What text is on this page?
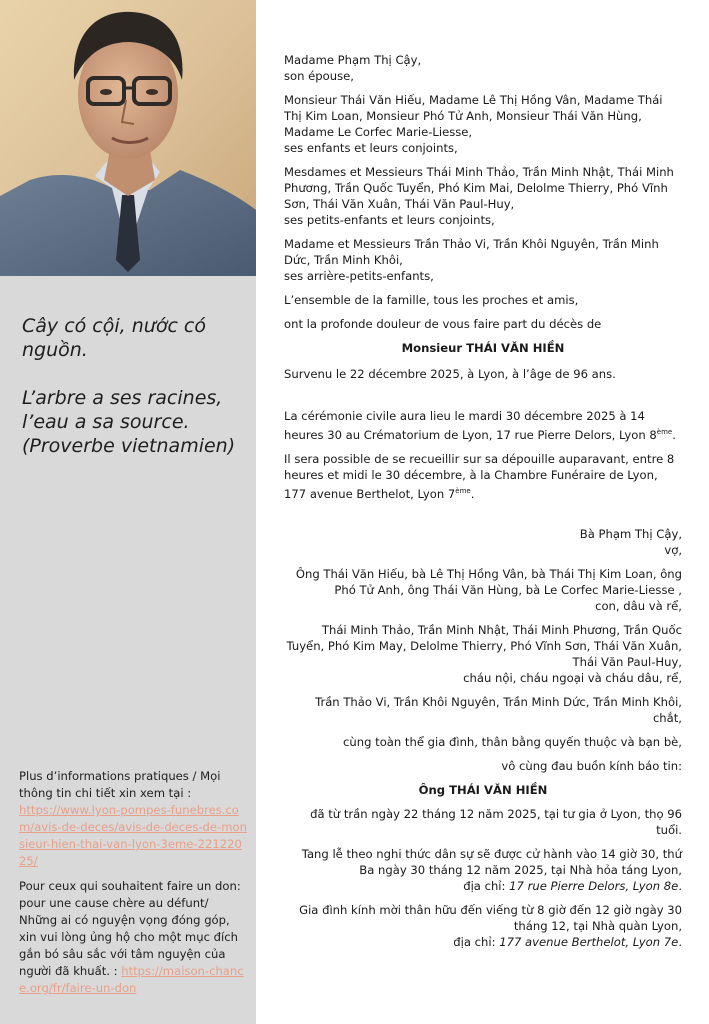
Cây có cội, nước có nguồn.

L’arbre a ses racines, l’eau a sa source.

(Proverbe vietnamien)

Plus d’informations pratiques / Mọi thông tin chi tiết xin xem tại :
https://www.lyon-pompes-funebres.com/avis-de-deces/avis-de-deces-de-monsieur-hien-thai-van-lyon-3eme-22122025/

Pour ceux qui souhaitent faire un don: pour une cause chère au défunt/ Những ai có nguyện vọng đóng góp, xin vui lòng ủng hộ cho một mục đích gắn bó sâu sắc với tâm nguyện của người đã khuất. : https://maison-chance.org/fr/faire-un-don

Madame Phạm Thị Cậy,
son épouse,

Monsieur Thái Văn Hiếu, Madame Lê Thị Hồng Vân, Madame Thái Thị Kim Loan, Monsieur Phó Tử Anh, Monsieur Thái Văn Hùng, Madame Le Corfec Marie-Liesse,
ses enfants et leurs conjoints,

Mesdames et Messieurs Thái Minh Thảo, Trần Minh Nhật, Thái Minh Phương, Trần Quốc Tuyển, Phó Kim Mai, Delolme Thierry, Phó Vĩnh Sơn, Thái Văn Xuân, Thái Văn Paul-Huy,
ses petits-enfants et leurs conjoints,

Madame et Messieurs Trần Thảo Vi, Trần Khôi Nguyên, Trần Minh Dức, Trần Minh Khôi,
ses arrière-petits-enfants,

L’ensemble de la famille, tous les proches et amis,

ont la profonde douleur de vous faire part du décès de

Monsieur THÁI VĂN HIỀN

Survenu le 22 décembre 2025, à Lyon, à l’âge de 96 ans.

La cérémonie civile aura lieu le mardi 30 décembre 2025 à 14 heures 30 au Crématorium de Lyon, 17 rue Pierre Delors, Lyon 8ème.

Il sera possible de se recueillir sur sa dépouille auparavant, entre 8 heures et midi le 30 décembre, à la Chambre Funéraire de Lyon, 177 avenue Berthelot, Lyon 7ème.

Bà Phạm Thị Cậy,
vợ,

Ông Thái Văn Hiếu, bà Lê Thị Hồng Vân, bà Thái Thị Kim Loan, ông Phó Tử Anh, ông Thái Văn Hùng, bà Le Corfec Marie-Liesse ,
con, dâu và rể,

Thái Minh Thảo, Trần Minh Nhật, Thái Minh Phương, Trần Quốc Tuyển, Phó Kim May, Delolme Thierry, Phó Vĩnh Sơn, Thái Văn Xuân, Thái Văn Paul-Huy,
cháu nội, cháu ngoại và cháu dâu, rể,

Trần Thảo Vi, Trần Khôi Nguyên, Trần Minh Dức, Trần Minh Khôi,
chắt,

cùng toàn thể gia đình, thân bằng quyến thuộc và bạn bè,

vô cùng đau buồn kính báo tin:

Ông THÁI VĂN HIỀN

đã từ trần ngày 22 tháng 12 năm 2025, tại tư gia ở Lyon, thọ 96 tuổi.

Tang lễ theo nghi thức dân sự sẽ được cử hành vào 14 giờ 30, thứ Ba ngày 30 tháng 12 năm 2025, tại Nhà hỏa táng Lyon,
địa chỉ: 17 rue Pierre Delors, Lyon 8e.

Gia đình kính mời thân hữu đến viếng từ 8 giờ đến 12 giờ ngày 30 tháng 12, tại Nhà quàn Lyon,
địa chỉ: 177 avenue Berthelot, Lyon 7e.
